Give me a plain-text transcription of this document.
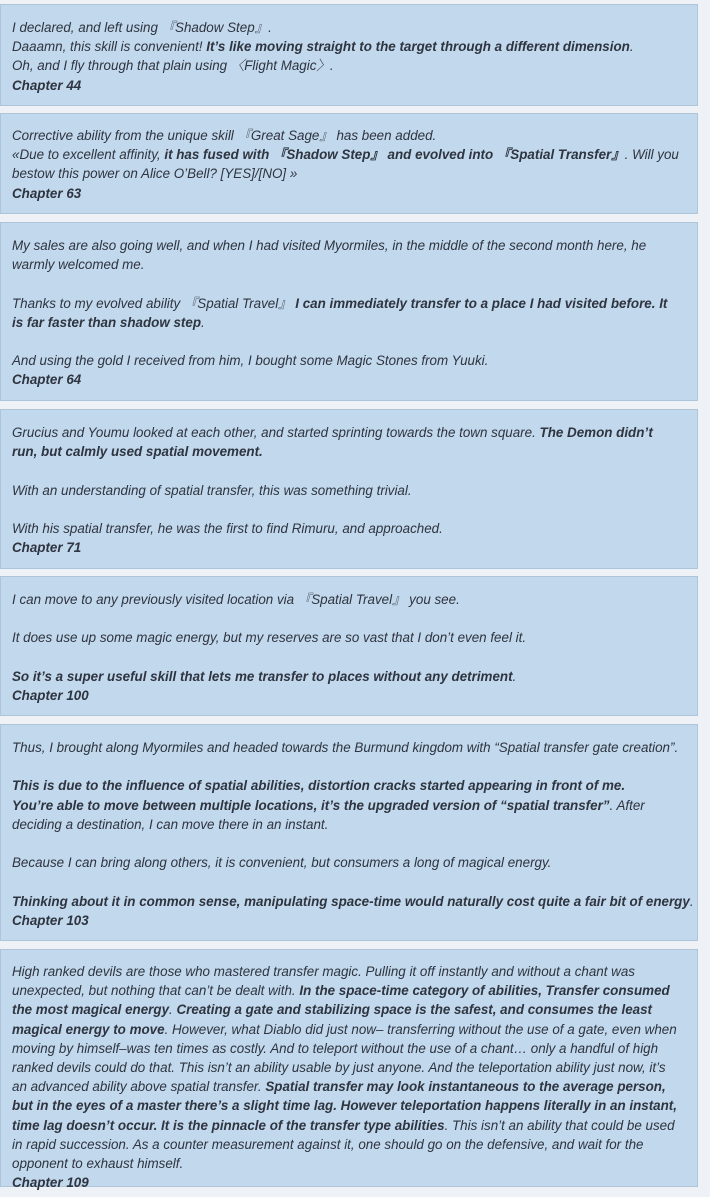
I declared, and left using 『Shadow Step』.
Daaamn, this skill is convenient! It’s like moving straight to the target through a different dimension.
Oh, and I fly through that plain using 〈Flight Magic〉.
Chapter 44
Corrective ability from the unique skill 『Great Sage』 has been added.
«Due to excellent affinity, it has fused with 『Shadow Step』 and evolved into 『Spatial Transfer』. Will you bestow this power on Alice O’Bell? [YES]/[NO] »
Chapter 63
My sales are also going well, and when I had visited Myormiles, in the middle of the second month here, he warmly welcomed me.
Thanks to my evolved ability 『Spatial Travel』 I can immediately transfer to a place I had visited before. It is far faster than shadow step.
And using the gold I received from him, I bought some Magic Stones from Yuuki.
Chapter 64
Grucius and Youmu looked at each other, and started sprinting towards the town square. The Demon didn’t run, but calmly used spatial movement.
With an understanding of spatial transfer, this was something trivial.
With his spatial transfer, he was the first to find Rimuru, and approached.
Chapter 71
I can move to any previously visited location via 『Spatial Travel』 you see.
It does use up some magic energy, but my reserves are so vast that I don’t even feel it.
So it’s a super useful skill that lets me transfer to places without any detriment.
Chapter 100
Thus, I brought along Myormiles and headed towards the Burmund kingdom with “Spatial transfer gate creation”.
This is due to the influence of spatial abilities, distortion cracks started appearing in front of me.
You’re able to move between multiple locations, it’s the upgraded version of “spatial transfer”. After deciding a destination, I can move there in an instant.
Because I can bring along others, it is convenient, but consumers a long of magical energy.
Thinking about it in common sense, manipulating space-time would naturally cost quite a fair bit of energy.
Chapter 103
High ranked devils are those who mastered transfer magic. Pulling it off instantly and without a chant was unexpected, but nothing that can’t be dealt with. In the space-time category of abilities, Transfer consumed the most magical energy. Creating a gate and stabilizing space is the safest, and consumes the least magical energy to move. However, what Diablo did just now– transferring without the use of a gate, even when moving by himself–was ten times as costly. And to teleport without the use of a chant… only a handful of high ranked devils could do that. This isn’t an ability usable by just anyone. And the teleportation ability just now, it’s an advanced ability above spatial transfer. Spatial transfer may look instantaneous to the average person, but in the eyes of a master there’s a slight time lag. However teleportation happens literally in an instant, time lag doesn’t occur. It is the pinnacle of the transfer type abilities. This isn’t an ability that could be used in rapid succession. As a counter measurement against it, one should go on the defensive, and wait for the opponent to exhaust himself.
Chapter 109
